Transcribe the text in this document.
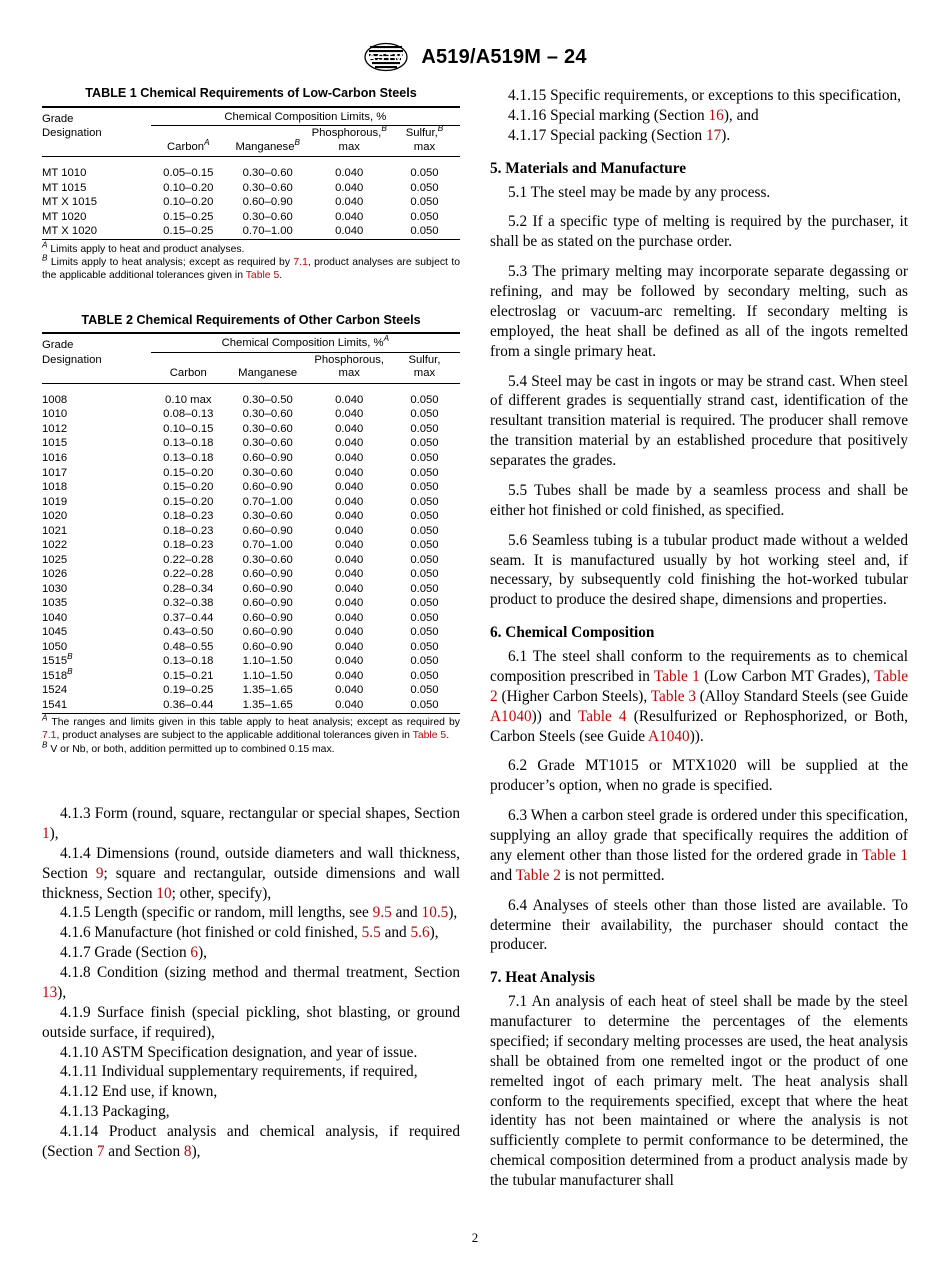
A S T M A519/A519M – 24
TABLE 1 Chemical Requirements of Low-Carbon Steels

Grade
Designation	Chemical Composition Limits, %			
	Carbon$^A$	Manganese$^B$	Phosphorous,$^B$
max	Sulfur,$^B$
max

MT 1010	0.05–0.15	0.30–0.60	0.040	0.050
MT 1015	0.10–0.20	0.30–0.60	0.040	0.050
MT X 1015	0.10–0.20	0.60–0.90	0.040	0.050
MT 1020	0.15–0.25	0.30–0.60	0.040	0.050
MT X 1020	0.15–0.25	0.70–1.00	0.040	0.050

$^A$ Limits apply to heat and product analyses.

$^B$ Limits apply to heat analysis; except as required by 7.1, product analyses are subject to the applicable additional tolerances given in Table 5.

TABLE 2 Chemical Requirements of Other Carbon Steels

Grade
Designation	Chemical Composition Limits, %$^A$
	Carbon	Manganese	Phosphorous,
max	Sulfur,
max

1008	0.10 max	0.30–0.50	0.040	0.050
1010	0.08–0.13	0.30–0.60	0.040	0.050
1012	0.10–0.15	0.30–0.60	0.040	0.050
1015	0.13–0.18	0.30–0.60	0.040	0.050
1016	0.13–0.18	0.60–0.90	0.040	0.050
1017	0.15–0.20	0.30–0.60	0.040	0.050
1018	0.15–0.20	0.60–0.90	0.040	0.050
1019	0.15–0.20	0.70–1.00	0.040	0.050
1020	0.18–0.23	0.30–0.60	0.040	0.050
1021	0.18–0.23	0.60–0.90	0.040	0.050
1022	0.18–0.23	0.70–1.00	0.040	0.050
1025	0.22–0.28	0.30–0.60	0.040	0.050
1026	0.22–0.28	0.60–0.90	0.040	0.050
1030	0.28–0.34	0.60–0.90	0.040	0.050
1035	0.32–0.38	0.60–0.90	0.040	0.050
1040	0.37–0.44	0.60–0.90	0.040	0.050
1045	0.43–0.50	0.60–0.90	0.040	0.050
1050	0.48–0.55	0.60–0.90	0.040	0.050
1515$^B$	0.13–0.18	1.10–1.50	0.040	0.050
1518$^B$	0.15–0.21	1.10–1.50	0.040	0.050
1524	0.19–0.25	1.35–1.65	0.040	0.050
1541	0.36–0.44	1.35–1.65	0.040	0.050

$^A$ The ranges and limits given in this table apply to heat analysis; except as required by 7.1, product analyses are subject to the applicable additional tolerances given in Table 5.

$^B$ V or Nb, or both, addition permitted up to combined 0.15 max.

4.1.3 Form (round, square, rectangular or special shapes, Section 1),

4.1.4 Dimensions (round, outside diameters and wall thickness, Section 9; square and rectangular, outside dimensions and wall thickness, Section 10; other, specify),

4.1.5 Length (specific or random, mill lengths, see 9.5 and 10.5),

4.1.6 Manufacture (hot finished or cold finished, 5.5 and 5.6),

4.1.7 Grade (Section 6),

4.1.8 Condition (sizing method and thermal treatment, Section 13),

4.1.9 Surface finish (special pickling, shot blasting, or ground outside surface, if required),

4.1.10 ASTM Specification designation, and year of issue.

4.1.11 Individual supplementary requirements, if required,

4.1.12 End use, if known,

4.1.13 Packaging,

4.1.14 Product analysis and chemical analysis, if required (Section 7 and Section 8),

4.1.15 Specific requirements, or exceptions to this specification,

4.1.16 Special marking (Section 16), and

4.1.17 Special packing (Section 17).

5. Materials and Manufacture

5.1 The steel may be made by any process.

5.2 If a specific type of melting is required by the purchaser, it shall be as stated on the purchase order.

5.3 The primary melting may incorporate separate degassing or refining, and may be followed by secondary melting, such as electroslag or vacuum-arc remelting. If secondary melting is employed, the heat shall be defined as all of the ingots remelted from a single primary heat.

5.4 Steel may be cast in ingots or may be strand cast. When steel of different grades is sequentially strand cast, identification of the resultant transition material is required. The producer shall remove the transition material by an established procedure that positively separates the grades.

5.5 Tubes shall be made by a seamless process and shall be either hot finished or cold finished, as specified.

5.6 Seamless tubing is a tubular product made without a welded seam. It is manufactured usually by hot working steel and, if necessary, by subsequently cold finishing the hot-worked tubular product to produce the desired shape, dimensions and properties.

6. Chemical Composition

6.1 The steel shall conform to the requirements as to chemical composition prescribed in Table 1 (Low Carbon MT Grades), Table 2 (Higher Carbon Steels), Table 3 (Alloy Standard Steels (see Guide A1040)) and Table 4 (Resulfurized or Rephosphorized, or Both, Carbon Steels (see Guide A1040)).

6.2 Grade MT1015 or MTX1020 will be supplied at the producer’s option, when no grade is specified.

6.3 When a carbon steel grade is ordered under this specification, supplying an alloy grade that specifically requires the addition of any element other than those listed for the ordered grade in Table 1 and Table 2 is not permitted.

6.4 Analyses of steels other than those listed are available. To determine their availability, the purchaser should contact the producer.

7. Heat Analysis

7.1 An analysis of each heat of steel shall be made by the steel manufacturer to determine the percentages of the elements specified; if secondary melting processes are used, the heat analysis shall be obtained from one remelted ingot or the product of one remelted ingot of each primary melt. The heat analysis shall conform to the requirements specified, except that where the heat identity has not been maintained or where the analysis is not sufficiently complete to permit conformance to be determined, the chemical composition determined from a product analysis made by the tubular manufacturer shall

2
